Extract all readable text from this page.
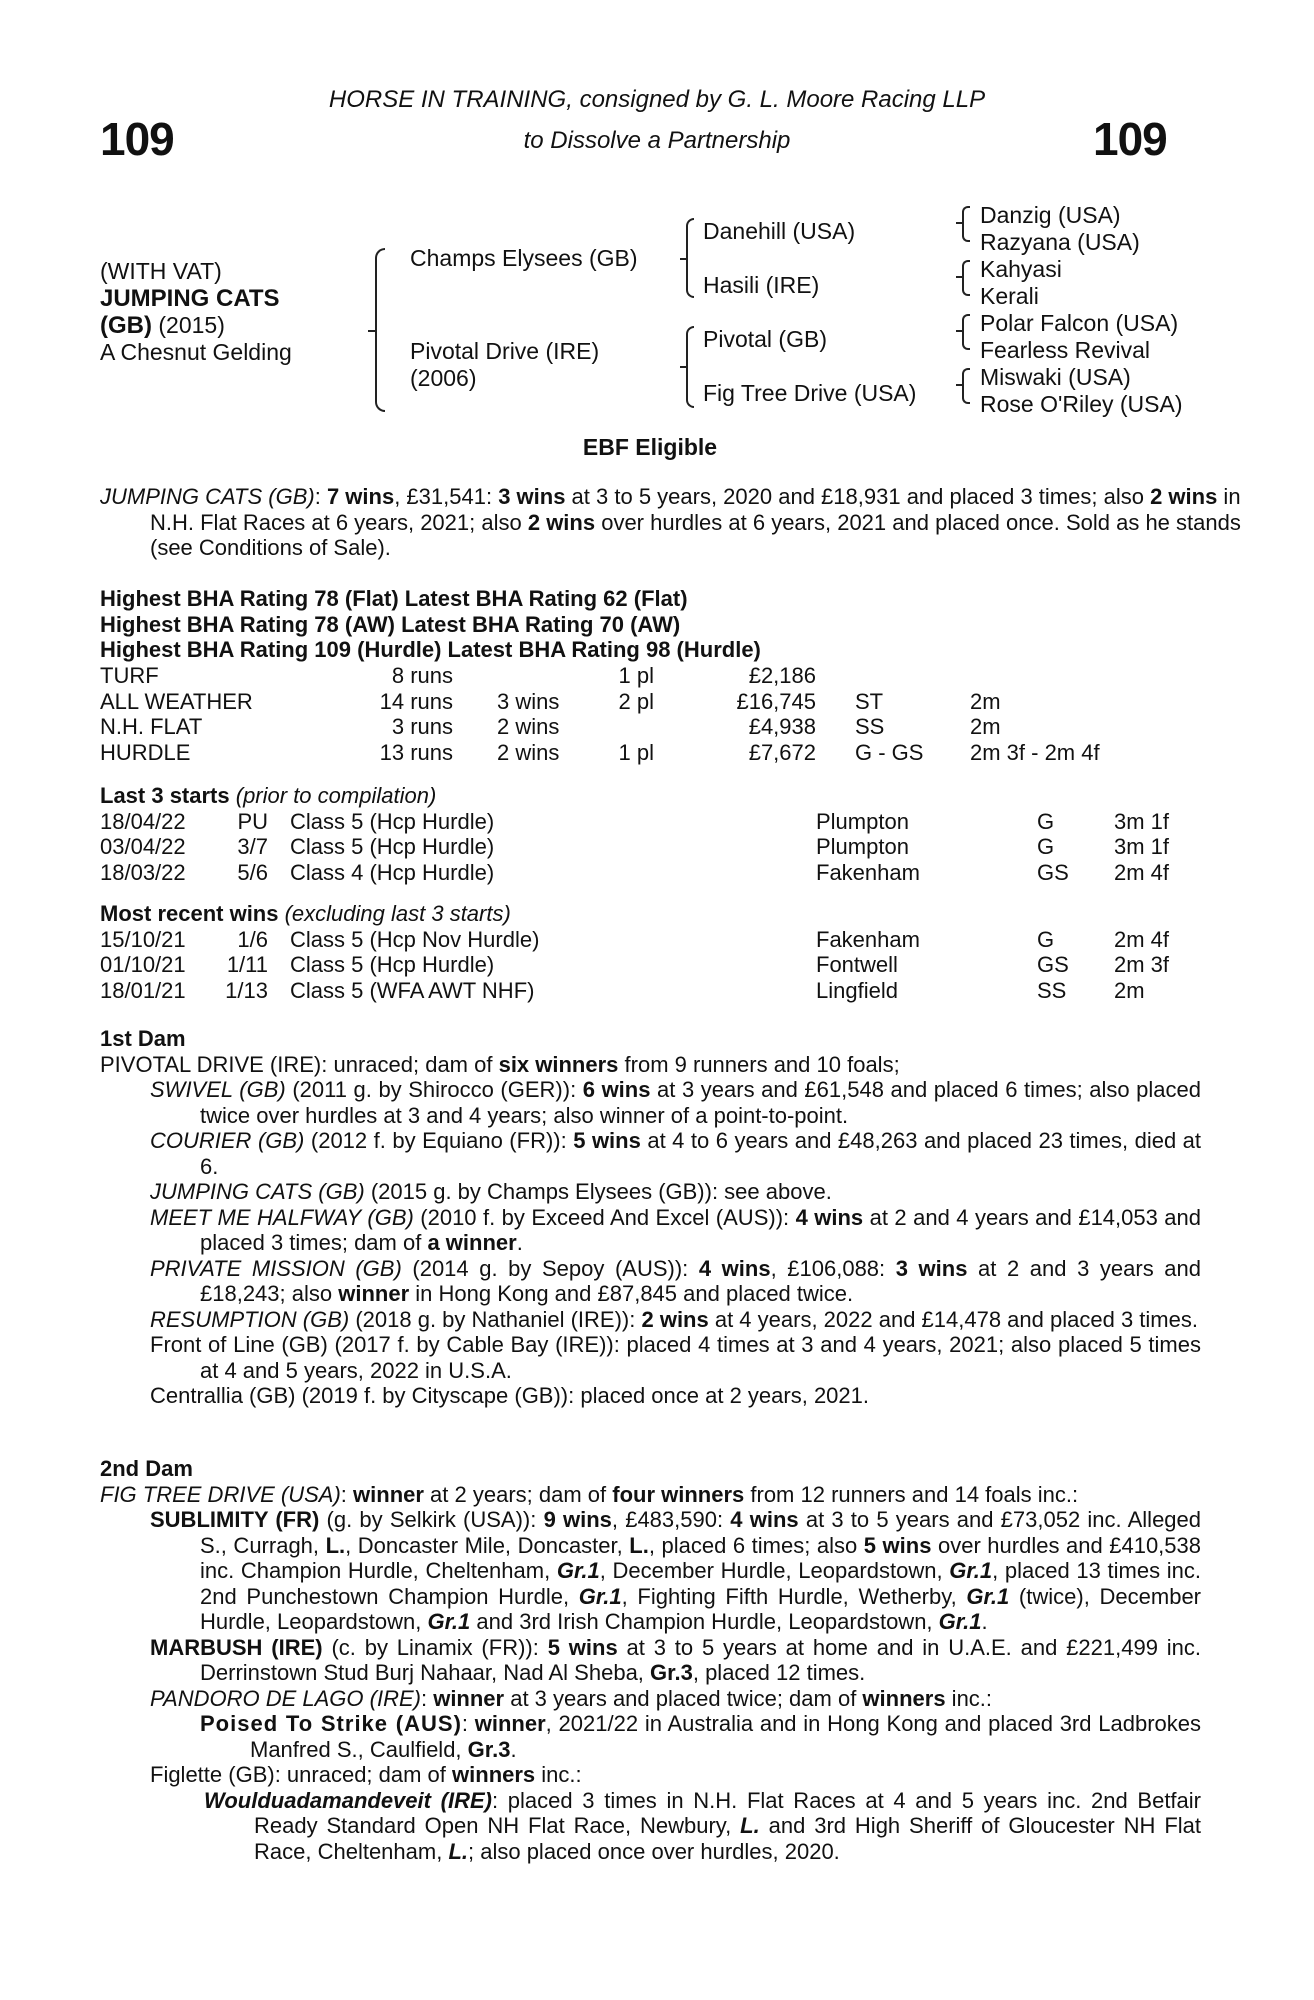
109	109
HORSE IN TRAINING, consigned by G. L. Moore Racing LLP
to Dissolve a Partnership
(WITH VAT)
JUMPING CATS
(GB) (2015)
A Chesnut Gelding
Champs Elysees (GB)
Pivotal Drive (IRE)
(2006)
Danehill (USA)
Hasili (IRE)
Pivotal (GB)
Fig Tree Drive (USA)
Danzig (USA)
Razyana (USA)
Kahyasi
Kerali
Polar Falcon (USA)
Fearless Revival
Miswaki (USA)
Rose O'Riley (USA)
EBF Eligible
JUMPING CATS (GB): 7 wins, £31,541: 3 wins at 3 to 5 years, 2020 and £18,931 and placed 3 times; also 2 wins in N.H. Flat Races at 6 years, 2021; also 2 wins over hurdles at 6 years, 2021 and placed once. Sold as he stands (see Conditions of Sale).
Highest BHA Rating 78 (Flat) Latest BHA Rating 62 (Flat)
Highest BHA Rating 78 (AW) Latest BHA Rating 70 (AW)
Highest BHA Rating 109 (Hurdle) Latest BHA Rating 98 (Hurdle)
TURF	8 runs	1 pl	£2,186
ALL WEATHER	14 runs 3 wins	2 pl	£16,745 ST	2m
N.H. FLAT	3 runs 2 wins	£4,938 SS	2m
HURDLE	13 runs 2 wins	1 pl	£7,672 G - GS 2m 3f - 2m 4f
Last 3 starts (prior to compilation)
18/04/22 PU Class 5 (Hcp Hurdle)	Plumpton	G	3m 1f
03/04/22 3/7 Class 5 (Hcp Hurdle)	Plumpton	G	3m 1f
18/03/22 5/6 Class 4 (Hcp Hurdle)	Fakenham	GS 2m 4f
Most recent wins (excluding last 3 starts)
15/10/21 1/6 Class 5 (Hcp Nov Hurdle)	Fakenham	G	2m 4f
01/10/21 1/11 Class 5 (Hcp Hurdle)	Fontwell	GS 2m 3f
18/01/21 1/13 Class 5 (WFA AWT NHF)	Lingfield	SS 2m
1st Dam
PIVOTAL DRIVE (IRE): unraced; dam of six winners from 9 runners and 10 foals;
SWIVEL (GB) (2011 g. by Shirocco (GER)): 6 wins at 3 years and £61,548 and placed 6 times; also placed twice over hurdles at 3 and 4 years; also winner of a point-to-point.
COURIER (GB) (2012 f. by Equiano (FR)): 5 wins at 4 to 6 years and £48,263 and placed 23 times, died at 6.
JUMPING CATS (GB) (2015 g. by Champs Elysees (GB)): see above.
MEET ME HALFWAY (GB) (2010 f. by Exceed And Excel (AUS)): 4 wins at 2 and 4 years and £14,053 and placed 3 times; dam of a winner.
PRIVATE MISSION (GB) (2014 g. by Sepoy (AUS)): 4 wins, £106,088: 3 wins at 2 and 3 years and £18,243; also winner in Hong Kong and £87,845 and placed twice.
RESUMPTION (GB) (2018 g. by Nathaniel (IRE)): 2 wins at 4 years, 2022 and £14,478 and placed 3 times.
Front of Line (GB) (2017 f. by Cable Bay (IRE)): placed 4 times at 3 and 4 years, 2021; also placed 5 times at 4 and 5 years, 2022 in U.S.A.
Centrallia (GB) (2019 f. by Cityscape (GB)): placed once at 2 years, 2021.
2nd Dam
FIG TREE DRIVE (USA): winner at 2 years; dam of four winners from 12 runners and 14 foals inc.:
SUBLIMITY (FR) (g. by Selkirk (USA)): 9 wins, £483,590: 4 wins at 3 to 5 years and £73,052 inc. Alleged S., Curragh, L., Doncaster Mile, Doncaster, L., placed 6 times; also 5 wins over hurdles and £410,538 inc. Champion Hurdle, Cheltenham, Gr.1, December Hurdle, Leopardstown, Gr.1, placed 13 times inc. 2nd Punchestown Champion Hurdle, Gr.1, Fighting Fifth Hurdle, Wetherby, Gr.1 (twice), December Hurdle, Leopardstown, Gr.1 and 3rd Irish Champion Hurdle, Leopardstown, Gr.1.
MARBUSH (IRE) (c. by Linamix (FR)): 5 wins at 3 to 5 years at home and in U.A.E. and £221,499 inc. Derrinstown Stud Burj Nahaar, Nad Al Sheba, Gr.3, placed 12 times.
PANDORO DE LAGO (IRE): winner at 3 years and placed twice; dam of winners inc.:
Poised To Strike (AUS): winner, 2021/22 in Australia and in Hong Kong and placed 3rd Ladbrokes Manfred S., Caulfield, Gr.3.
Figlette (GB): unraced; dam of winners inc.:
Woulduadamandeveit (IRE): placed 3 times in N.H. Flat Races at 4 and 5 years inc. 2nd Betfair Ready Standard Open NH Flat Race, Newbury, L. and 3rd High Sheriff of Gloucester NH Flat Race, Cheltenham, L.; also placed once over hurdles, 2020.
